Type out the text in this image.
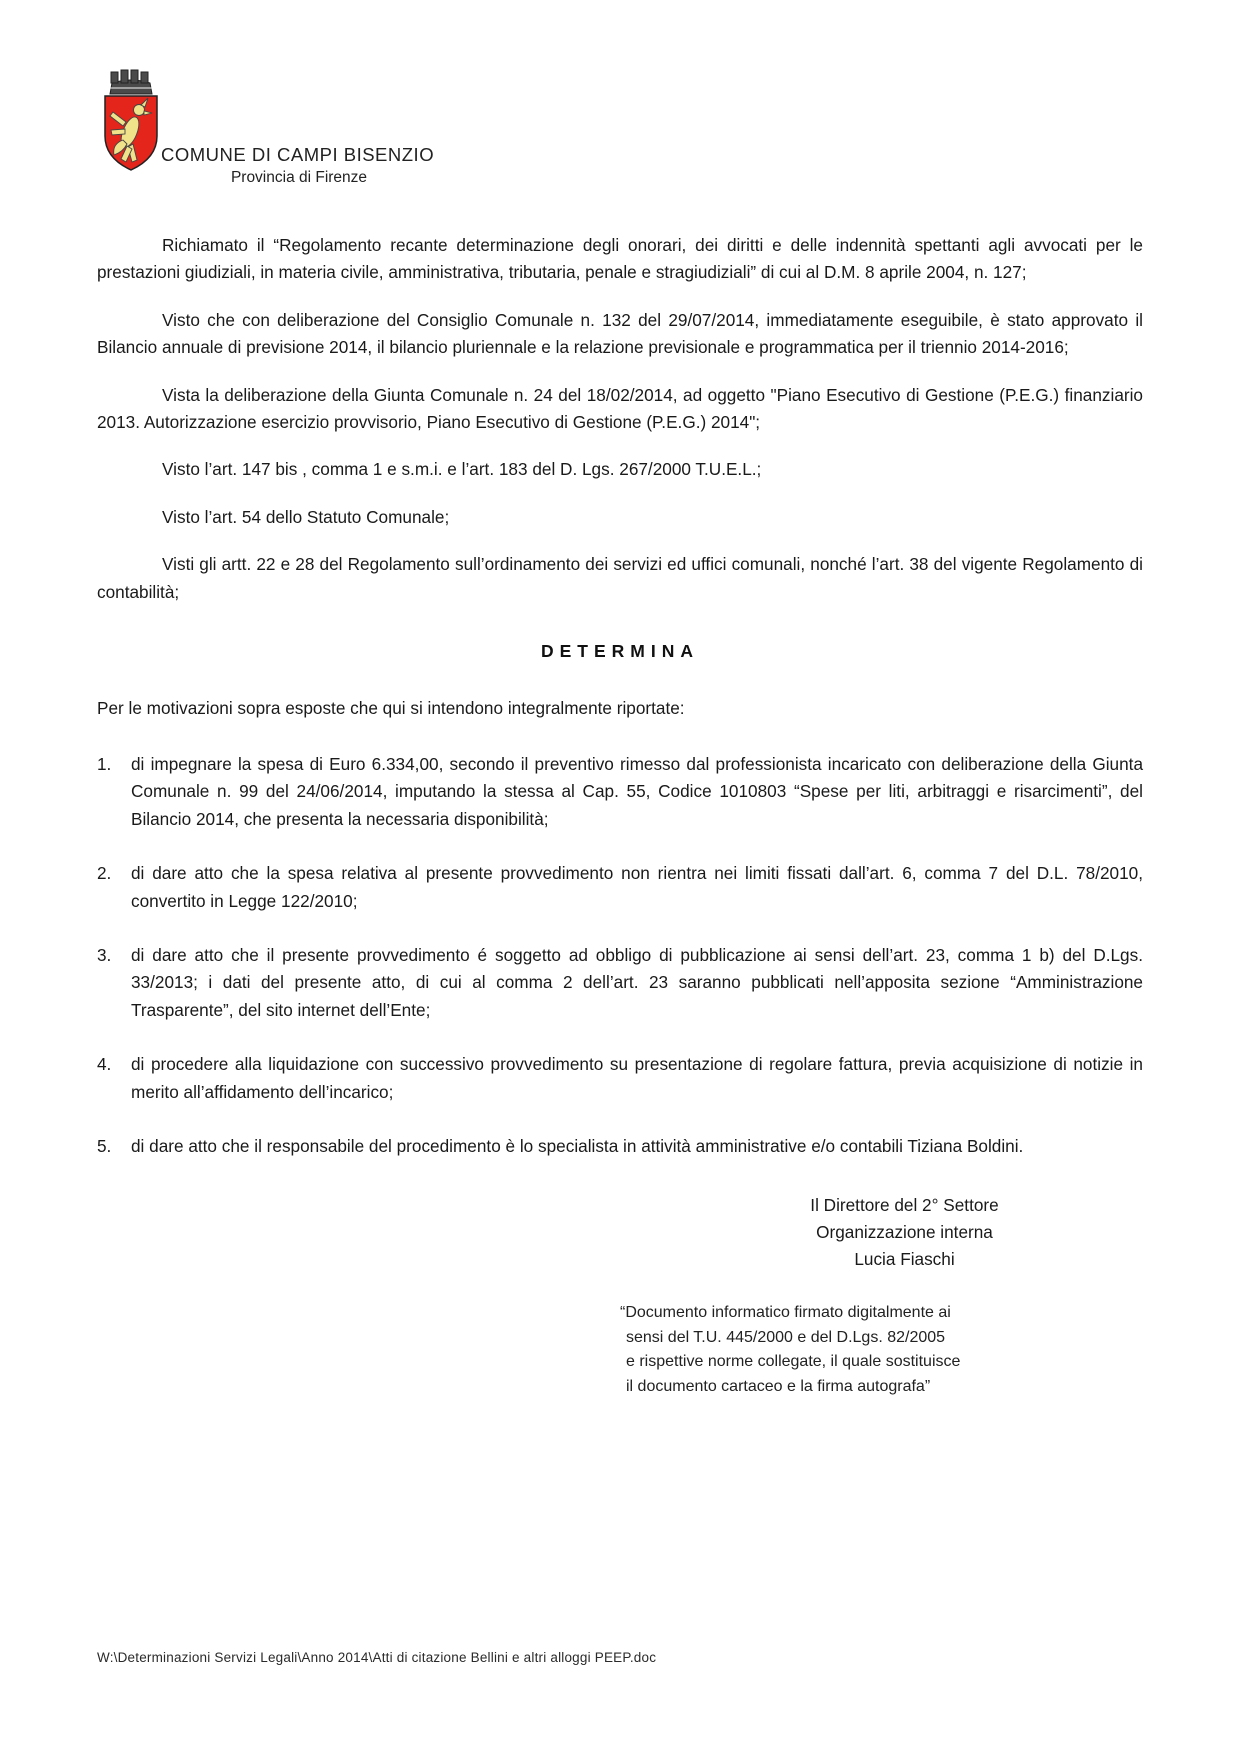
COMUNE DI CAMPI BISENZIO
Provincia di Firenze

Richiamato il “Regolamento recante determinazione degli onorari, dei diritti e delle indennità spettanti agli avvocati per le prestazioni giudiziali, in materia civile, amministrativa, tributaria, penale e stragiudiziali” di cui al D.M. 8 aprile 2004, n. 127;

Visto che con deliberazione del Consiglio Comunale n. 132 del 29/07/2014, immediatamente eseguibile, è stato approvato il Bilancio annuale di previsione 2014, il bilancio pluriennale e la relazione previsionale e programmatica per il triennio 2014-2016;

Vista la deliberazione della Giunta Comunale n. 24 del 18/02/2014, ad oggetto "Piano Esecutivo di Gestione (P.E.G.) finanziario 2013. Autorizzazione esercizio provvisorio, Piano Esecutivo di Gestione (P.E.G.) 2014";

Visto l’art. 147 bis , comma 1 e s.m.i. e l’art. 183 del D. Lgs. 267/2000 T.U.E.L.;

Visto l’art. 54 dello Statuto Comunale;

Visti gli artt. 22 e 28 del Regolamento sull’ordinamento dei servizi ed uffici comunali, nonché l’art. 38 del vigente Regolamento di contabilità;

DETERMINA

Per le motivazioni sopra esposte che qui si intendono integralmente riportate:

1.	di impegnare la spesa di Euro 6.334,00, secondo il preventivo rimesso dal professionista incaricato con deliberazione della Giunta Comunale n. 99 del 24/06/2014, imputando la stessa al Cap. 55, Codice 1010803 “Spese per liti, arbitraggi e risarcimenti”, del Bilancio 2014, che presenta la necessaria disponibilità;
2.	di dare atto che la spesa relativa al presente provvedimento non rientra nei limiti fissati dall’art. 6, comma 7 del D.L. 78/2010, convertito in Legge 122/2010;
3.	di dare atto che il presente provvedimento é soggetto ad obbligo di pubblicazione ai sensi dell’art. 23, comma 1 b) del D.Lgs. 33/2013; i dati del presente atto, di cui al comma 2 dell’art. 23 saranno pubblicati nell’apposita sezione “Amministrazione Trasparente”, del sito internet dell’Ente;
4.	di procedere alla liquidazione con successivo provvedimento su presentazione di regolare fattura, previa acquisizione di notizie in merito all’affidamento dell’incarico;
5.	di dare atto che il responsabile del procedimento è lo specialista in attività amministrative e/o contabili Tiziana Boldini.
Il Direttore del 2° Settore
Organizzazione interna
Lucia Fiaschi
“Documento informatico firmato digitalmente ai
sensi del T.U. 445/2000 e del D.Lgs. 82/2005
e rispettive norme collegate, il quale sostituisce
il documento cartaceo e la firma autografa”
W:\Determinazioni Servizi Legali\Anno 2014\Atti di citazione Bellini e altri alloggi PEEP.doc
